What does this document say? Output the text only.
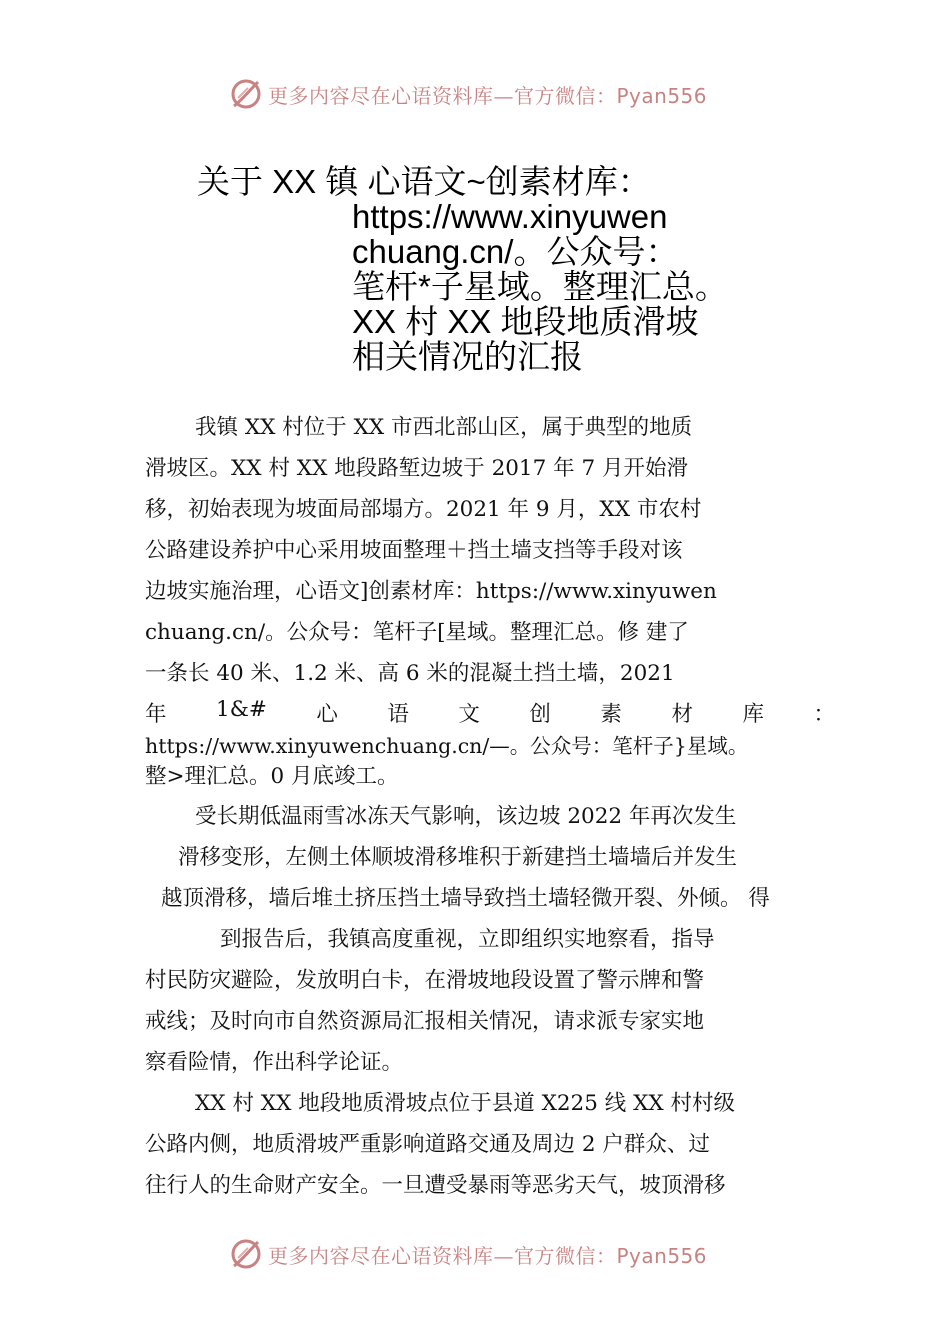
更多内容尽在心语资料库—官方微信：Pyan556
关于 XX 镇 心语文~创素材库：
https://www.xinyuwen
chuang.cn/。公众号：
笔杆*子星域。整理汇总。
XX 村 XX 地段地质滑坡
相关情况的汇报
我镇 XX 村位于 XX 市西北部山区，属于典型的地质
滑坡区。XX 村 XX 地段路堑边坡于 2017 年 7 月开始滑
移，初始表现为坡面局部塌方。2021 年 9 月，XX 市农村
公路建设养护中心采用坡面整理＋挡土墙支挡等手段对该
边坡实施治理，心语文]创素材库：https://www.xinyuwen
chuang.cn/。公众号：笔杆子[星域。整理汇总。修 建了
一条长 40 米、1.2 米、高 6 米的混凝土挡土墙，2021
年 1&# 心 语 文 创 素 材 库 ：
https://www.xinyuwenchuang.cn/—。公众号：笔杆子}星域。
整>理汇总。0 月底竣工。
受长期低温雨雪冰冻天气影响，该边坡 2022 年再次发生
滑移变形，左侧土体顺坡滑移堆积于新建挡土墙墙后并发生
越顶滑移，墙后堆土挤压挡土墙导致挡土墙轻微开裂、外倾。 得
到报告后，我镇高度重视，立即组织实地察看，指导
村民防灾避险，发放明白卡，在滑坡地段设置了警示牌和警
戒线；及时向市自然资源局汇报相关情况，请求派专家实地
察看险情，作出科学论证。
XX 村 XX 地段地质滑坡点位于县道 X225 线 XX 村村级
公路内侧，地质滑坡严重影响道路交通及周边 2 户群众、过
往行人的生命财产安全。一旦遭受暴雨等恶劣天气，坡顶滑移
更多内容尽在心语资料库—官方微信：Pyan556
